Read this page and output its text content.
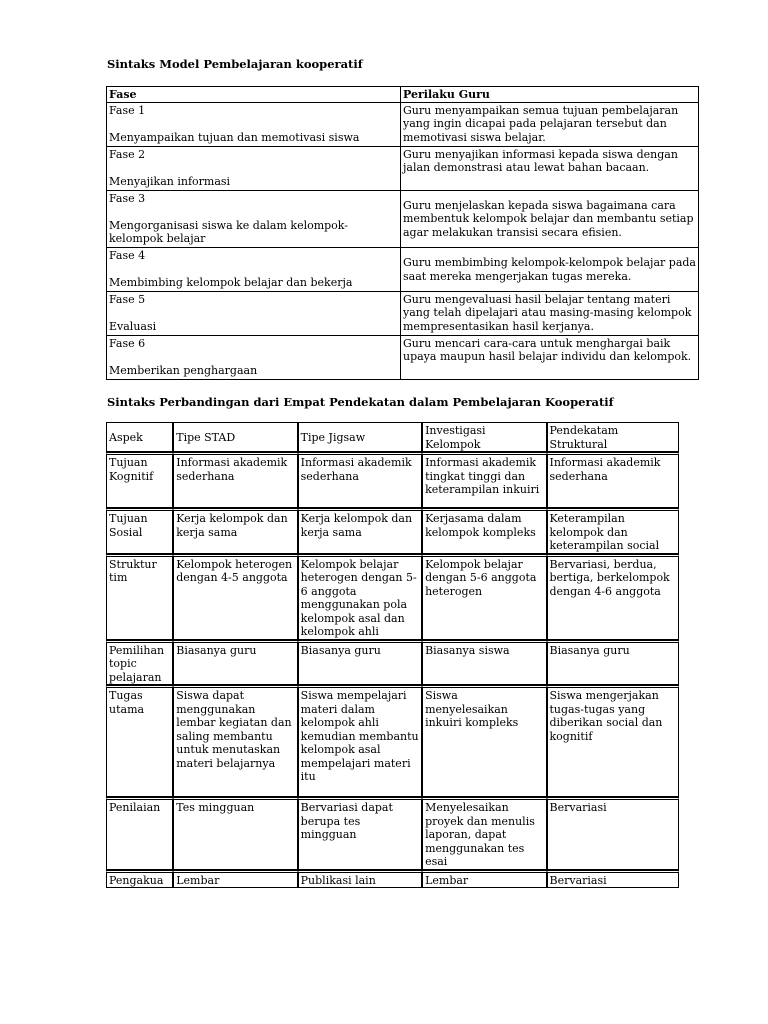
Sintaks Model Pembelajaran kooperatif
Fase	Perilaku Guru

Fase 1
Menyampaikan tujuan dan memotivasi siswa	Guru menyampaikan semua tujuan pembelajaran yang ingin dicapai pada pelajaran tersebut dan memotivasi siswa belajar.

Fase 2
Menyajikan informasi	Guru menyajikan informasi kepada siswa dengan jalan demonstrasi atau lewat bahan bacaan.

Fase 3
Mengorganisasi siswa ke dalam kelompok-kelompok belajar	Guru menjelaskan kepada siswa bagaimana cara membentuk kelompok belajar dan membantu setiap agar melakukan transisi secara efisien.

Fase 4
Membimbing kelompok belajar dan bekerja	Guru membimbing kelompok-kelompok belajar pada saat mereka mengerjakan tugas mereka.

Fase 5
Evaluasi	Guru mengevaluasi hasil belajar tentang materi yang telah dipelajari atau masing-masing kelompok mempresentasikan hasil kerjanya.

Fase 6
Memberikan penghargaan	Guru mencari cara-cara untuk menghargai baik upaya maupun hasil belajar individu dan kelompok.
Sintaks Perbandingan dari Empat Pendekatan dalam Pembelajaran Kooperatif
Aspek	Tipe STAD	Tipe Jigsaw	Investigasi Kelompok	Pendekatam Struktural
Tujuan Kognitif	Informasi akademik sederhana	Informasi akademik sederhana	Informasi akademik tingkat tinggi dan keterampilan inkuiri	Informasi akademik sederhana
Tujuan Sosial	Kerja kelompok dan kerja sama	Kerja kelompok dan kerja sama	Kerjasama dalam kelompok kompleks	Keterampilan kelompok dan keterampilan social
Struktur tim	Kelompok heterogen dengan 4-5 anggota	Kelompok belajar heterogen dengan 5-6 anggota menggunakan pola kelompok asal dan kelompok ahli	Kelompok belajar dengan 5-6 anggota heterogen	Bervariasi, berdua, bertiga, berkelompok dengan 4-6 anggota
Pemilihan topic pelajaran	Biasanya guru	Biasanya guru	Biasanya siswa	Biasanya guru
Tugas utama	Siswa dapat menggunakan lembar kegiatan dan saling membantu untuk menutaskan materi belajarnya	Siswa mempelajari materi dalam kelompok ahli kemudian membantu kelompok asal mempelajari materi itu	Siswa menyelesaikan inkuiri kompleks	Siswa mengerjakan tugas-tugas yang diberikan social dan kognitif
Penilaian	Tes mingguan	Bervariasi dapat berupa tes mingguan	Menyelesaikan proyek dan menulis laporan, dapat menggunakan tes esai	Bervariasi
Pengakua	Lembar	Publikasi lain	Lembar	Bervariasi
